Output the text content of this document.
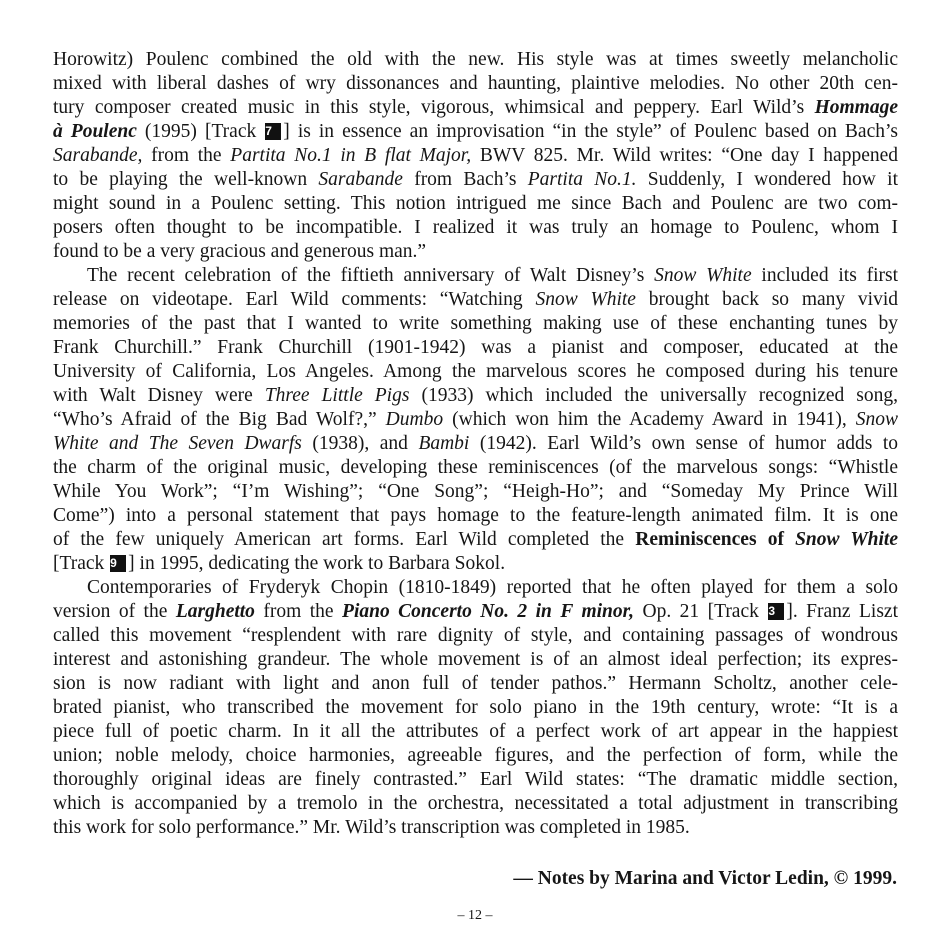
Horowitz) Poulenc combined the old with the new. His style was at times sweetly melancholic
mixed with liberal dashes of wry dissonances and haunting, plaintive melodies. No other 20th cen-
tury composer created music in this style, vigorous, whimsical and peppery. Earl Wild’s Hommage
à Poulenc (1995) [Track 7 ] is in essence an improvisation “in the style” of Poulenc based on Bach’s
Sarabande, from the Partita No.1 in B flat Major, BWV 825. Mr. Wild writes: “One day I happened
to be playing the well-known Sarabande from Bach’s Partita No.1. Suddenly, I wondered how it
might sound in a Poulenc setting. This notion intrigued me since Bach and Poulenc are two com-
posers often thought to be incompatible. I realized it was truly an homage to Poulenc, whom I
found to be a very gracious and generous man.”
The recent celebration of the fiftieth anniversary of Walt Disney’s Snow White included its first
release on videotape. Earl Wild comments: “Watching Snow White brought back so many vivid
memories of the past that I wanted to write something making use of these enchanting tunes by
Frank Churchill.” Frank Churchill (1901-1942) was a pianist and composer, educated at the
University of California, Los Angeles. Among the marvelous scores he composed during his tenure
with Walt Disney were Three Little Pigs (1933) which included the universally recognized song,
“Who’s Afraid of the Big Bad Wolf?,” Dumbo (which won him the Academy Award in 1941), Snow
White and The Seven Dwarfs (1938), and Bambi (1942). Earl Wild’s own sense of humor adds to
the charm of the original music, developing these reminiscences (of the marvelous songs: “Whistle
While You Work”; “I’m Wishing”; “One Song”; “Heigh-Ho”; and “Someday My Prince Will
Come”) into a personal statement that pays homage to the feature-length animated film. It is one
of the few uniquely American art forms. Earl Wild completed the Reminiscences of Snow White
[Track 9 ] in 1995, dedicating the work to Barbara Sokol.
Contemporaries of Fryderyk Chopin (1810-1849) reported that he often played for them a solo
version of the Larghetto from the Piano Concerto No. 2 in F minor, Op. 21 [Track 3 ]. Franz Liszt
called this movement “resplendent with rare dignity of style, and containing passages of wondrous
interest and astonishing grandeur. The whole movement is of an almost ideal perfection; its expres-
sion is now radiant with light and anon full of tender pathos.” Hermann Scholtz, another cele-
brated pianist, who transcribed the movement for solo piano in the 19th century, wrote: “It is a
piece full of poetic charm. In it all the attributes of a perfect work of art appear in the happiest
union; noble melody, choice harmonies, agreeable figures, and the perfection of form, while the
thoroughly original ideas are finely contrasted.” Earl Wild states: “The dramatic middle section,
which is accompanied by a tremolo in the orchestra, necessitated a total adjustment in transcribing
this work for solo performance.” Mr. Wild’s transcription was completed in 1985.
— Notes by Marina and Victor Ledin, © 1999.
– 12 –
